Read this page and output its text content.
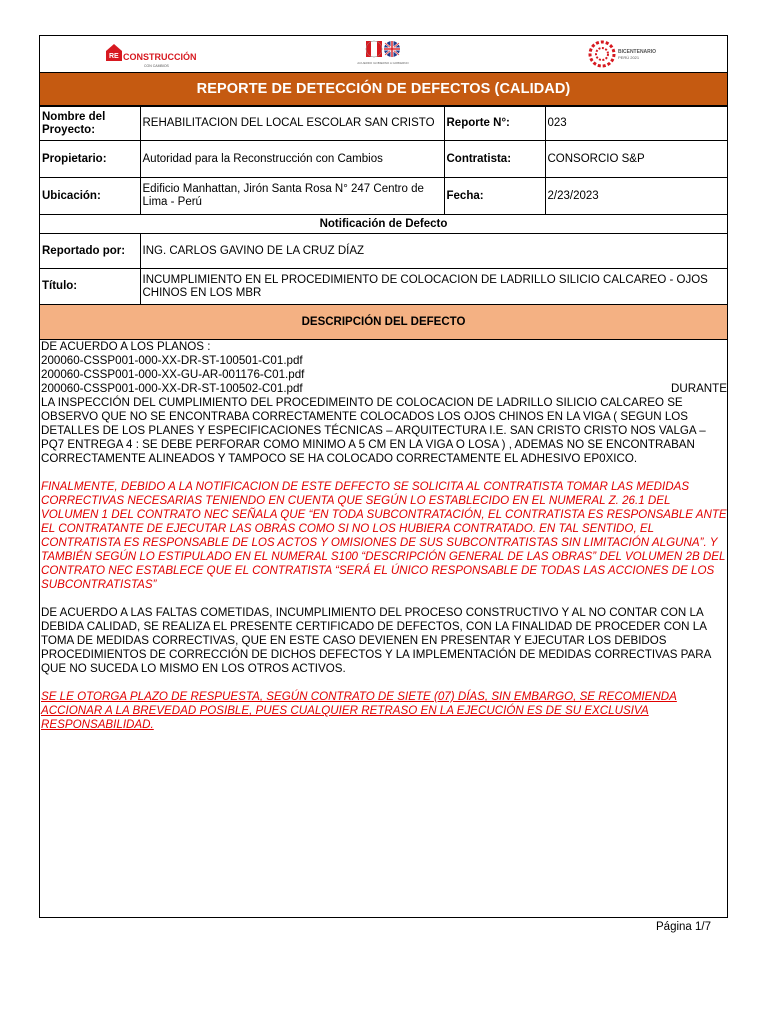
RE CONSTRUCCIÓN
CON CAMBIOS
ACUERDO GOBIERNO A GOBIERNO
BICENTENARIO
PERÚ 2021
REPORTE DE DETECCIÓN DE DEFECTOS (CALIDAD)
Nombre del Proyecto:	REHABILITACION DEL LOCAL ESCOLAR SAN CRISTO	Reporte N°:	023
Propietario:	Autoridad para la Reconstrucción con Cambios	Contratista:	CONSORCIO S&P
Ubicación:	Edificio Manhattan, Jirón Santa Rosa N° 247 Centro de Lima - Perú	Fecha:	2/23/2023
Notificación de Defecto			
Reportado por:	ING. CARLOS GAVINO DE LA CRUZ DÍAZ		
Título:	INCUMPLIMIENTO EN EL PROCEDIMIENTO DE COLOCACION DE LADRILLO SILICIO CALCAREO - OJOS CHINOS EN LOS MBR		
DESCRIPCIÓN DEL DEFECTO			

DE ACUERDO A LOS PLANOS :

200060-CSSP001-000-XX-DR-ST-100501-C01.pdf

200060-CSSP001-000-XX-GU-AR-001176-C01.pdf

200060-CSSP001-000-XX-DR-ST-100502-C01.pdf	DURANTE

LA INSPECCIÓN DEL CUMPLIMIENTO DEL PROCEDIMEINTO DE COLOCACION DE LADRILLO SILICIO CALCAREO SE OBSERVO QUE NO SE ENCONTRABA CORRECTAMENTE COLOCADOS LOS OJOS CHINOS EN LA VIGA ( SEGUN LOS DETALLES DE LOS PLANES Y ESPECIFICACIONES TÉCNICAS – ARQUITECTURA I.E. SAN CRISTO CRISTO NOS VALGA – PQ7 ENTREGA 4 : SE DEBE PERFORAR COMO MINIMO A 5 CM EN LA VIGA O LOSA ) , ADEMAS NO SE ENCONTRABAN CORRECTAMENTE ALINEADOS Y TAMPOCO SE HA COLOCADO CORRECTAMENTE EL ADHESIVO EP0XICO.

FINALMENTE, DEBIDO A LA NOTIFICACION DE ESTE DEFECTO SE SOLICITA AL CONTRATISTA TOMAR LAS MEDIDAS CORRECTIVAS NECESARIAS TENIENDO EN CUENTA QUE SEGÚN LO ESTABLECIDO EN EL NUMERAL Z. 26.1 DEL VOLUMEN 1 DEL CONTRATO NEC SEÑALA QUE “EN TODA SUBCONTRATACIÓN, EL CONTRATISTA ES RESPONSABLE ANTE EL CONTRATANTE DE EJECUTAR LAS OBRAS COMO SI NO LOS HUBIERA CONTRATADO. EN TAL SENTIDO, EL CONTRATISTA ES RESPONSABLE DE LOS ACTOS Y OMISIONES DE SUS SUBCONTRATISTAS SIN LIMITACIÓN ALGUNA”. Y TAMBIÉN SEGÚN LO ESTIPULADO EN EL NUMERAL S100 “DESCRIPCIÓN GENERAL DE LAS OBRAS” DEL VOLUMEN 2B DEL CONTRATO NEC ESTABLECE QUE EL CONTRATISTA “SERÁ EL ÚNICO RESPONSABLE DE TODAS LAS ACCIONES DE LOS SUBCONTRATISTAS”

DE ACUERDO A LAS FALTAS COMETIDAS, INCUMPLIMIENTO DEL PROCESO CONSTRUCTIVO Y AL NO CONTAR CON LA DEBIDA CALIDAD, SE REALIZA EL PRESENTE CERTIFICADO DE DEFECTOS, CON LA FINALIDAD DE PROCEDER CON LA TOMA DE MEDIDAS CORRECTIVAS, QUE EN ESTE CASO DEVIENEN EN PRESENTAR Y EJECUTAR LOS DEBIDOS PROCEDIMIENTOS DE CORRECCIÓN DE DICHOS DEFECTOS Y LA IMPLEMENTACIÓN DE MEDIDAS CORRECTIVAS PARA QUE NO SUCEDA LO MISMO EN LOS OTROS ACTIVOS.

SE LE OTORGA PLAZO DE RESPUESTA, SEGÚN CONTRATO DE SIETE (07) DÍAS, SIN EMBARGO, SE RECOMIENDA ACCIONAR A LA BREVEDAD POSIBLE, PUES CUALQUIER RETRASO EN LA EJECUCIÓN ES DE SU EXCLUSIVA RESPONSABILIDAD.

Página 1/7
